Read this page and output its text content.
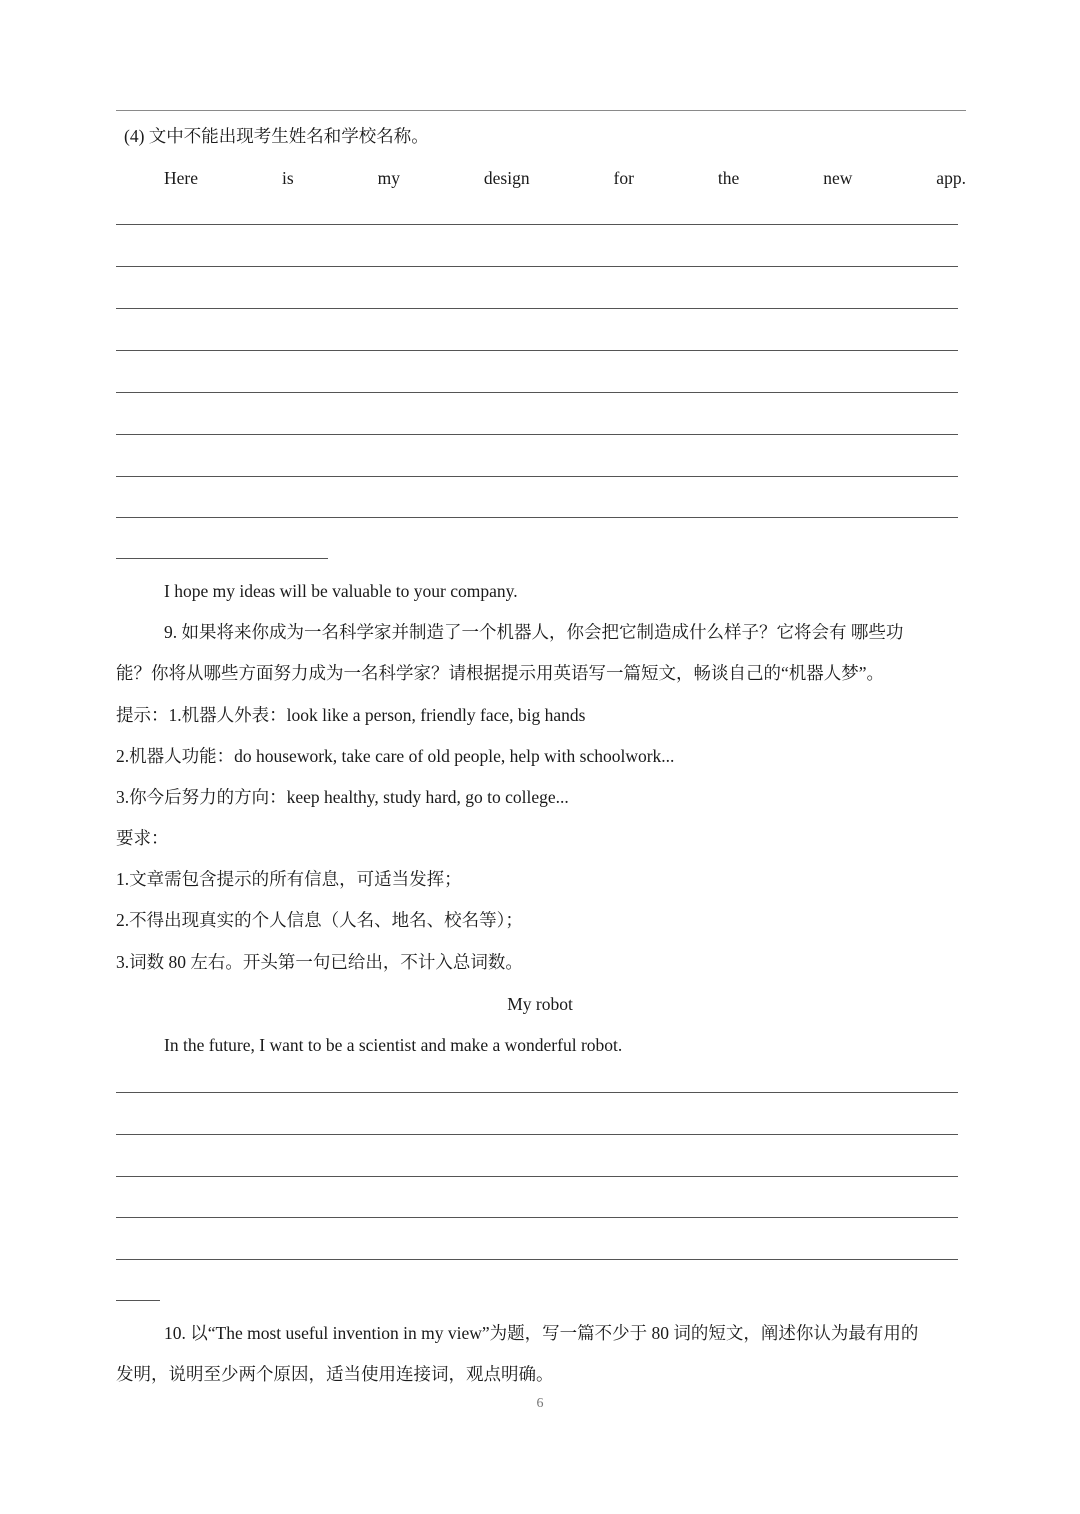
(4) 文中不能出现考生姓名和学校名称。
Here	is	my	design	for	the	new	app.
I hope my ideas will be valuable to your company.
9. 如果将来你成为一名科学家并制造了一个机器人，你会把它制造成什么样子？它将会有 哪些功
能？你将从哪些方面努力成为一名科学家？请根据提示用英语写一篇短文，畅谈自己的“机器人梦”。
提示：1.机器人外表：look like a person, friendly face, big hands
2.机器人功能：do housework, take care of old people, help with schoolwork...
3.你今后努力的方向：keep healthy, study hard, go to college...
要求：
1.文章需包含提示的所有信息，可适当发挥；
2.不得出现真实的个人信息（人名、地名、校名等）；
3.词数 80 左右。开头第一句已给出，不计入总词数。
My robot
In the future, I want to be a scientist and make a wonderful robot.
10. 以“The most useful invention in my view”为题，写一篇不少于 80 词的短文，阐述你认为最有用的
发明，说明至少两个原因，适当使用连接词，观点明确。
6
